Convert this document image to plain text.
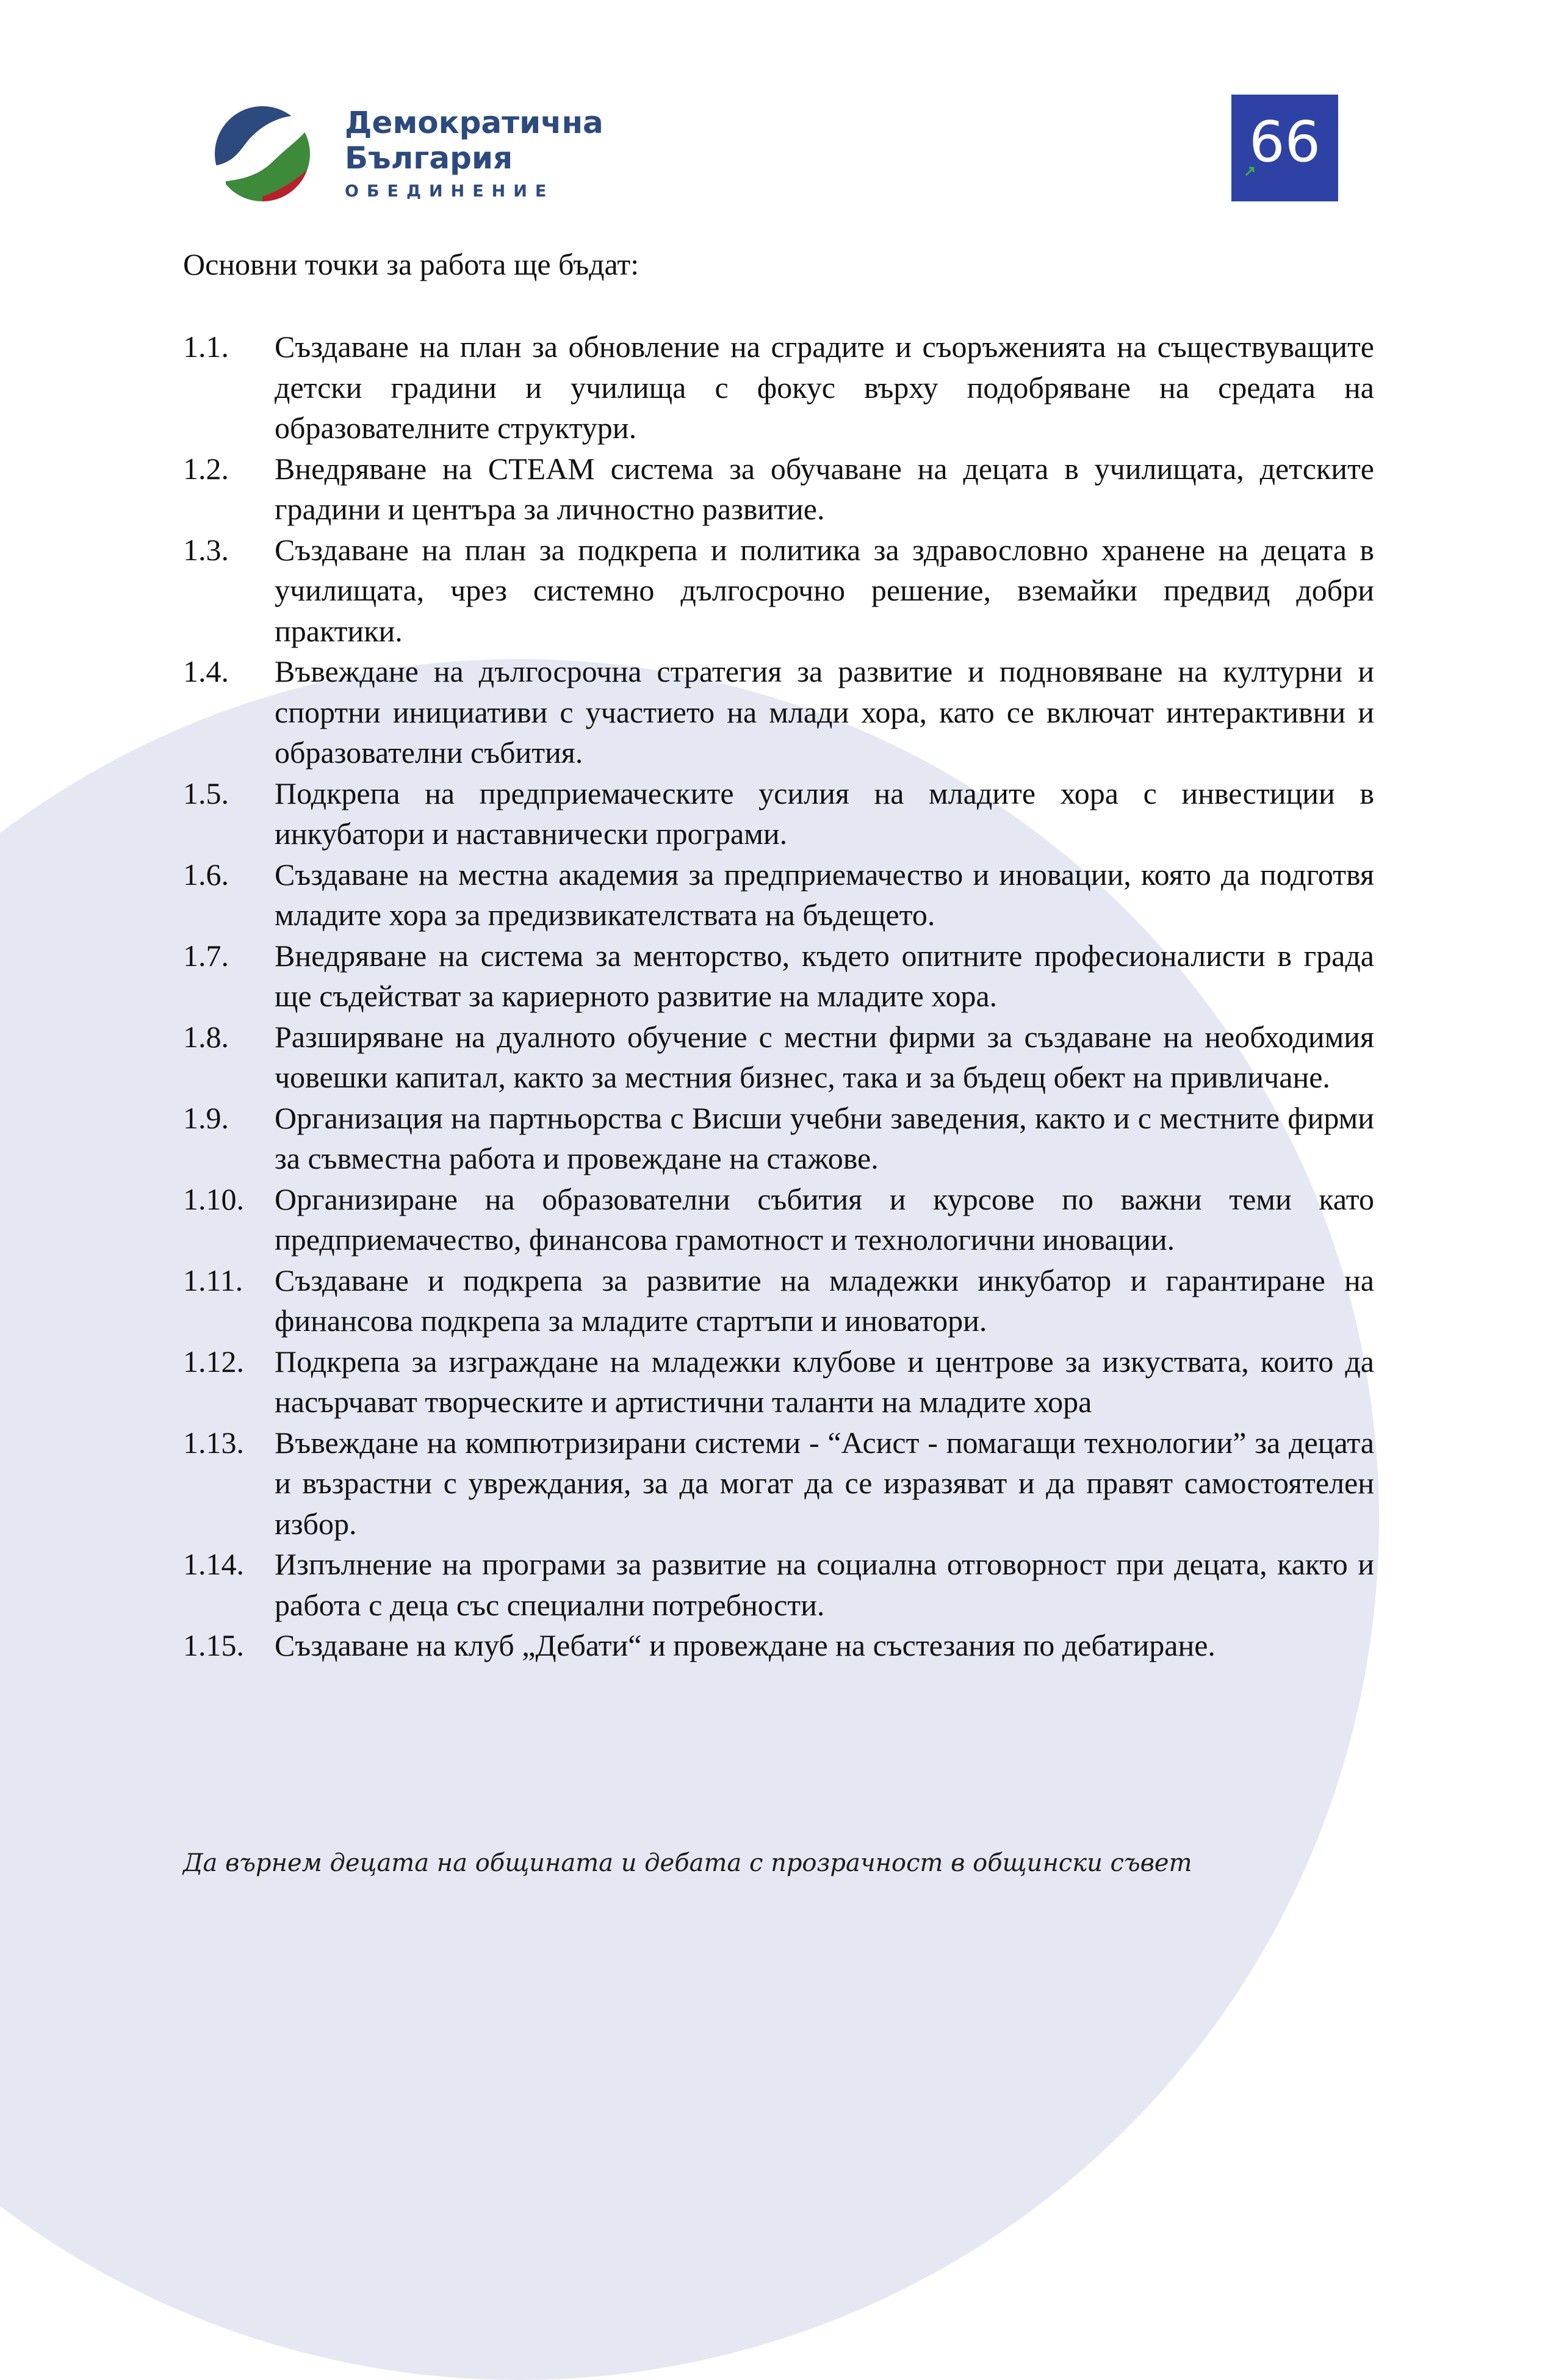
Демократична
България
ОБЕДИНЕНИЕ
66
Основни точки за работа ще бъдат:
1.1.	Създаване на план за обновление на сградите и съоръженията на съществуващите детски градини и училища с фокус върху подобряване на средата на образователните структури.
1.2.	Внедряване на СТЕАМ система за обучаване на децата в училищата, детските градини и центъра за личностно развитие.
1.3.	Създаване на план за подкрепа и политика за здравословно хранене на децата в училищата, чрез системно дългосрочно решение, вземайки предвид добри практики.
1.4.	Въвеждане на дългосрочна стратегия за развитие и подновяване на културни и спортни инициативи с участието на млади хора, като се включат интерактивни и образователни събития.
1.5.	Подкрепа на предприемаческите усилия на младите хора с инвестиции в инкубатори и наставнически програми.
1.6.	Създаване на местна академия за предприемачество и иновации, която да подготвя младите хора за предизвикателствата на бъдещето.
1.7.	Внедряване на система за менторство, където опитните професионалисти в града ще съдействат за кариерното развитие на младите хора.
1.8.	Разширяване на дуалното обучение с местни фирми за създаване на необходимия човешки капитал, както за местния бизнес, така и за бъдещ обект на привличане.
1.9.	Организация на партньорства с Висши учебни заведения, както и с местните фирми за съвместна работа и провеждане на стажове.
1.10.	Организиране на образователни събития и курсове по важни теми като предприемачество, финансова грамотност и технологични иновации.
1.11.	Създаване и подкрепа за развитие на младежки инкубатор и гарантиране на финансова подкрепа за младите стартъпи и иноватори.
1.12.	Подкрепа за изграждане на младежки клубове и центрове за изкуствата, които да насърчават творческите и артистични таланти на младите хора
1.13.	Въвеждане на компютризирани системи - “Асист - помагащи технологии” за децата и възрастни с увреждания, за да могат да се изразяват и да правят самостоятелен избор.
1.14.	Изпълнение на програми за развитие на социална отговорност при децата, както и работа с деца със специални потребности.
1.15.	Създаване на клуб „Дебати“ и провеждане на състезания по дебатиране.
Да върнем децата на общината и дебата с прозрачност в общински съвет
